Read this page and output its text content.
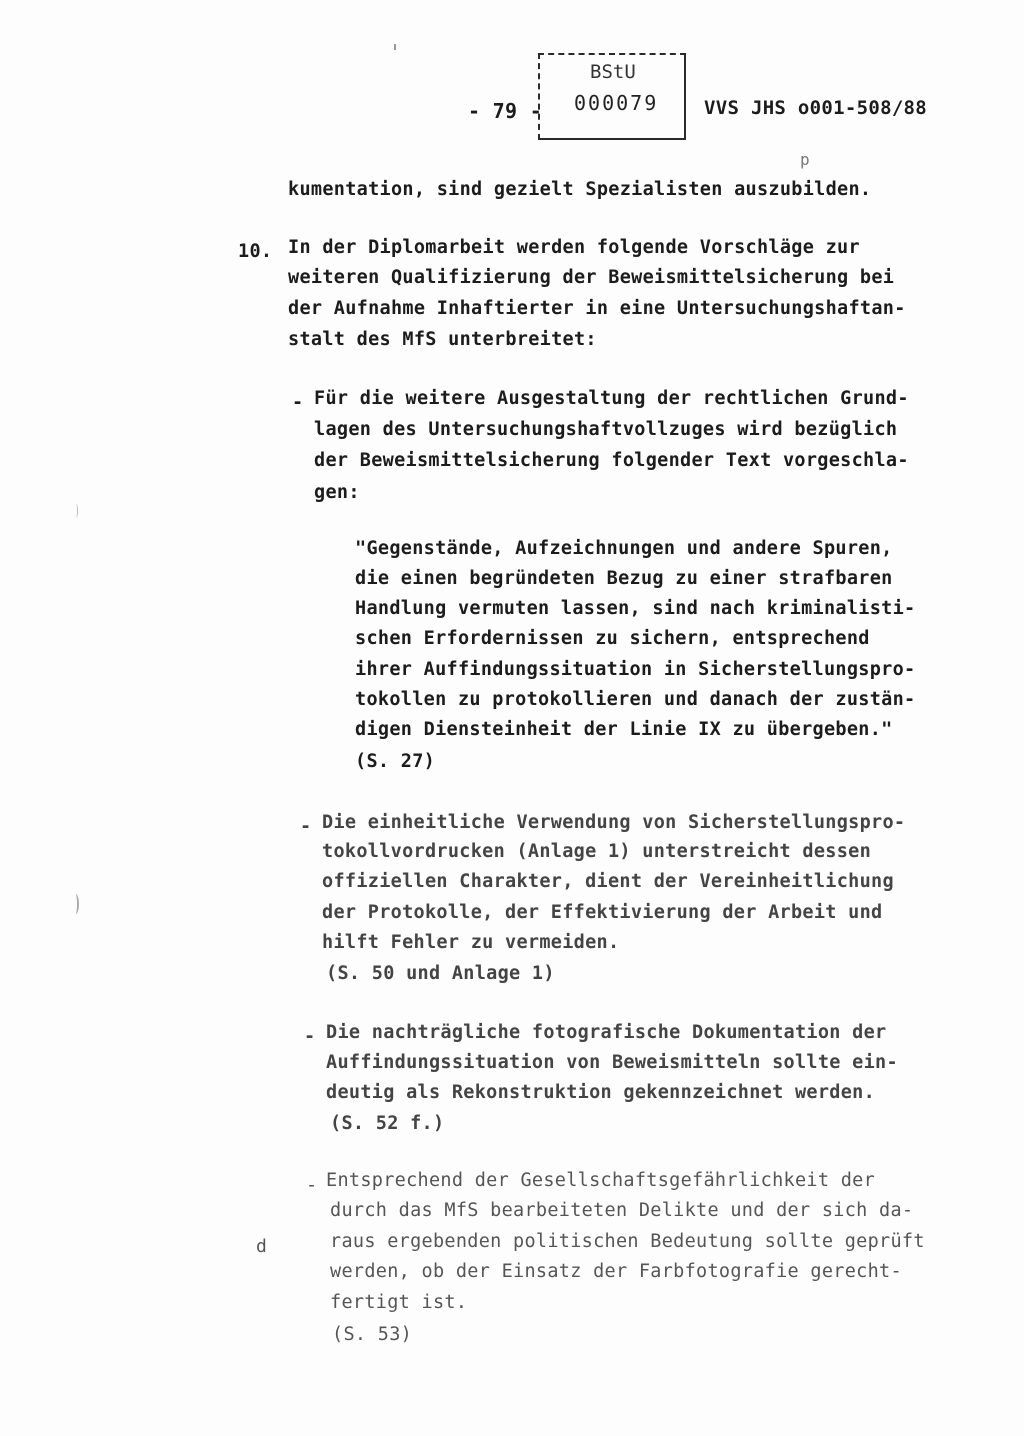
- 79 -
BStU
000079 VVS JHS o001-508/88
p
kumentation, sind gezielt Spezialisten auszubilden.
10. In der Diplomarbeit werden folgende Vorschläge zur
weiteren Qualifizierung der Beweismittelsicherung bei
der Aufnahme Inhaftierter in eine Untersuchungshaftan-
stalt des MfS unterbreitet:
- Für die weitere Ausgestaltung der rechtlichen Grund-
lagen des Untersuchungshaftvollzuges wird bezüglich
der Beweismittelsicherung folgender Text vorgeschla-
gen:
"Gegenstände, Aufzeichnungen und andere Spuren,
die einen begründeten Bezug zu einer strafbaren
Handlung vermuten lassen, sind nach kriminalisti-
schen Erfordernissen zu sichern, entsprechend
ihrer Auffindungssituation in Sicherstellungspro-
tokollen zu protokollieren und danach der zustän-
digen Diensteinheit der Linie IX zu übergeben."
(S. 27)
- Die einheitliche Verwendung von Sicherstellungspro-
tokollvordrucken (Anlage 1) unterstreicht dessen
offiziellen Charakter, dient der Vereinheitlichung
der Protokolle, der Effektivierung der Arbeit und
hilft Fehler zu vermeiden.
(S. 50 und Anlage 1)
- Die nachträgliche fotografische Dokumentation der
Auffindungssituation von Beweismitteln sollte ein-
deutig als Rekonstruktion gekennzeichnet werden.
(S. 52 f.)
- Entsprechend der Gesellschaftsgefährlichkeit der
durch das MfS bearbeiteten Delikte und der sich da-
raus ergebenden politischen Bedeutung sollte geprüft
werden, ob der Einsatz der Farbfotografie gerecht-
fertigt ist.
(S. 53)
d
